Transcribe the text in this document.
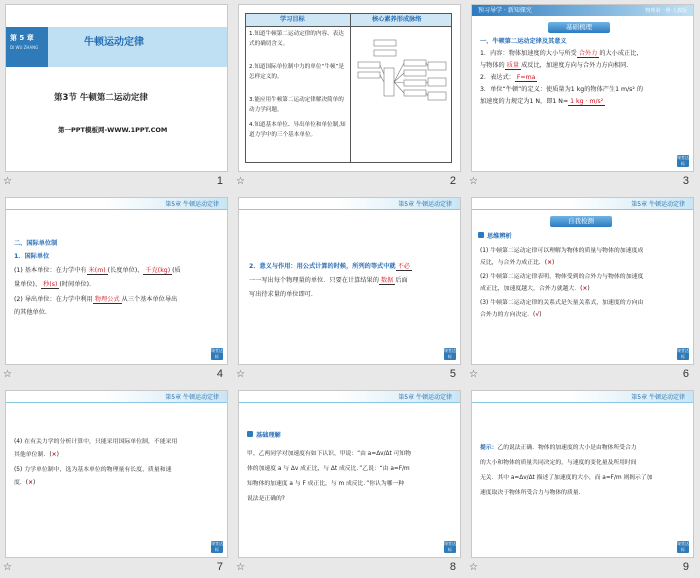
第 5 章
DI WU ZHANG	牛顿运动定律
第3节 牛顿第二运动定律
第一PPT模板网-WWW.1PPT.COM
☆	1
学习目标	核心素养形成脉络
1.知道牛顿第二运动定律的内容、表达式的确切含义。
2.知道国际单位制中力的单位“牛顿”是怎样定义的。
3.能应用牛顿第二运动定律解决简单的动力学问题。
4.知道基本单位、导出单位和单位制,知道力学中的三个基本单位。
☆	2
预习导学 · 新知探究	物理第一册·人教版
基础梳理
一、牛顿第二运动定律及其意义
1．内容：物体加速度的大小与所受 合外力 的大小成正比，
与物体的 质量 成反比，加速度方向与合外力方向相同.
2．表达式： F=ma
3．单位“牛顿”的定义：使质量为1 kg的物体产生1 m/s² 的
加速度的力规定为1 N，即1 N= 1 kg · m/s²
课堂达标
☆	3
第5章 牛顿运动定律
二、国际单位制
1．国际单位
(1) 基本单位：在力学中有 米(m) (长度单位)、 千克(kg) (质
量单位)、 秒(s) (时间单位).
(2) 导出单位：在力学中利用 物理公式 从三个基本单位导出
的其他单位.
课堂达标
☆	4
第5章 牛顿运动定律
2．意义与作用：用公式计算的时候，所列的等式中就 不必
一一写出每个物理量的单位．只要在计算结果的 数据 后面
写出待求量的单位即可.
课堂达标
☆	5
第5章 牛顿运动定律
自我检测
思维辨析
(1) 牛顿第二运动定律可以理解为物体的质量与物体的加速度成
反比，与合外力成正比．(×)
(2) 牛顿第二运动定律表明，物体受到的合外力与物体的加速度
成正比，加速度越大，合外力就越大．(×)
(3) 牛顿第二运动定律的关系式是矢量关系式，加速度的方向由
合外力的方向决定．(√)
课堂达标
☆	6
第5章 牛顿运动定律
(4) 在有关力学的分析计算中，只能采用国际单位制，不能采用
其他单位制．(×)
(5) 力学单位制中，选为基本单位的物理量有长度、质量和速
度．(×)
课堂达标
☆	7
第5章 牛顿运动定律
基础理解
甲、乙两同学对加速度有如下认识，甲说：“由 a=Δv/Δt 可知物
体的加速度 a 与 Δv 成正比，与 Δt 成反比．”乙说：“由 a=F/m
知物体的加速度 a 与 F 成正比，与 m 成反比．”你认为哪一种
说法是正确的?
课堂达标
☆	8
第5章 牛顿运动定律
提示：乙的说法正确．物体的加速度的大小是由物体所受合力
的大小和物体的质量共同决定的，与速度的变化量及所用时间
无关．其中 a=Δv/Δt 描述了加速度的大小，而 a=F/m 则揭示了加
速度取决于物体所受合力与物体的质量.
课堂达标
☆	9
